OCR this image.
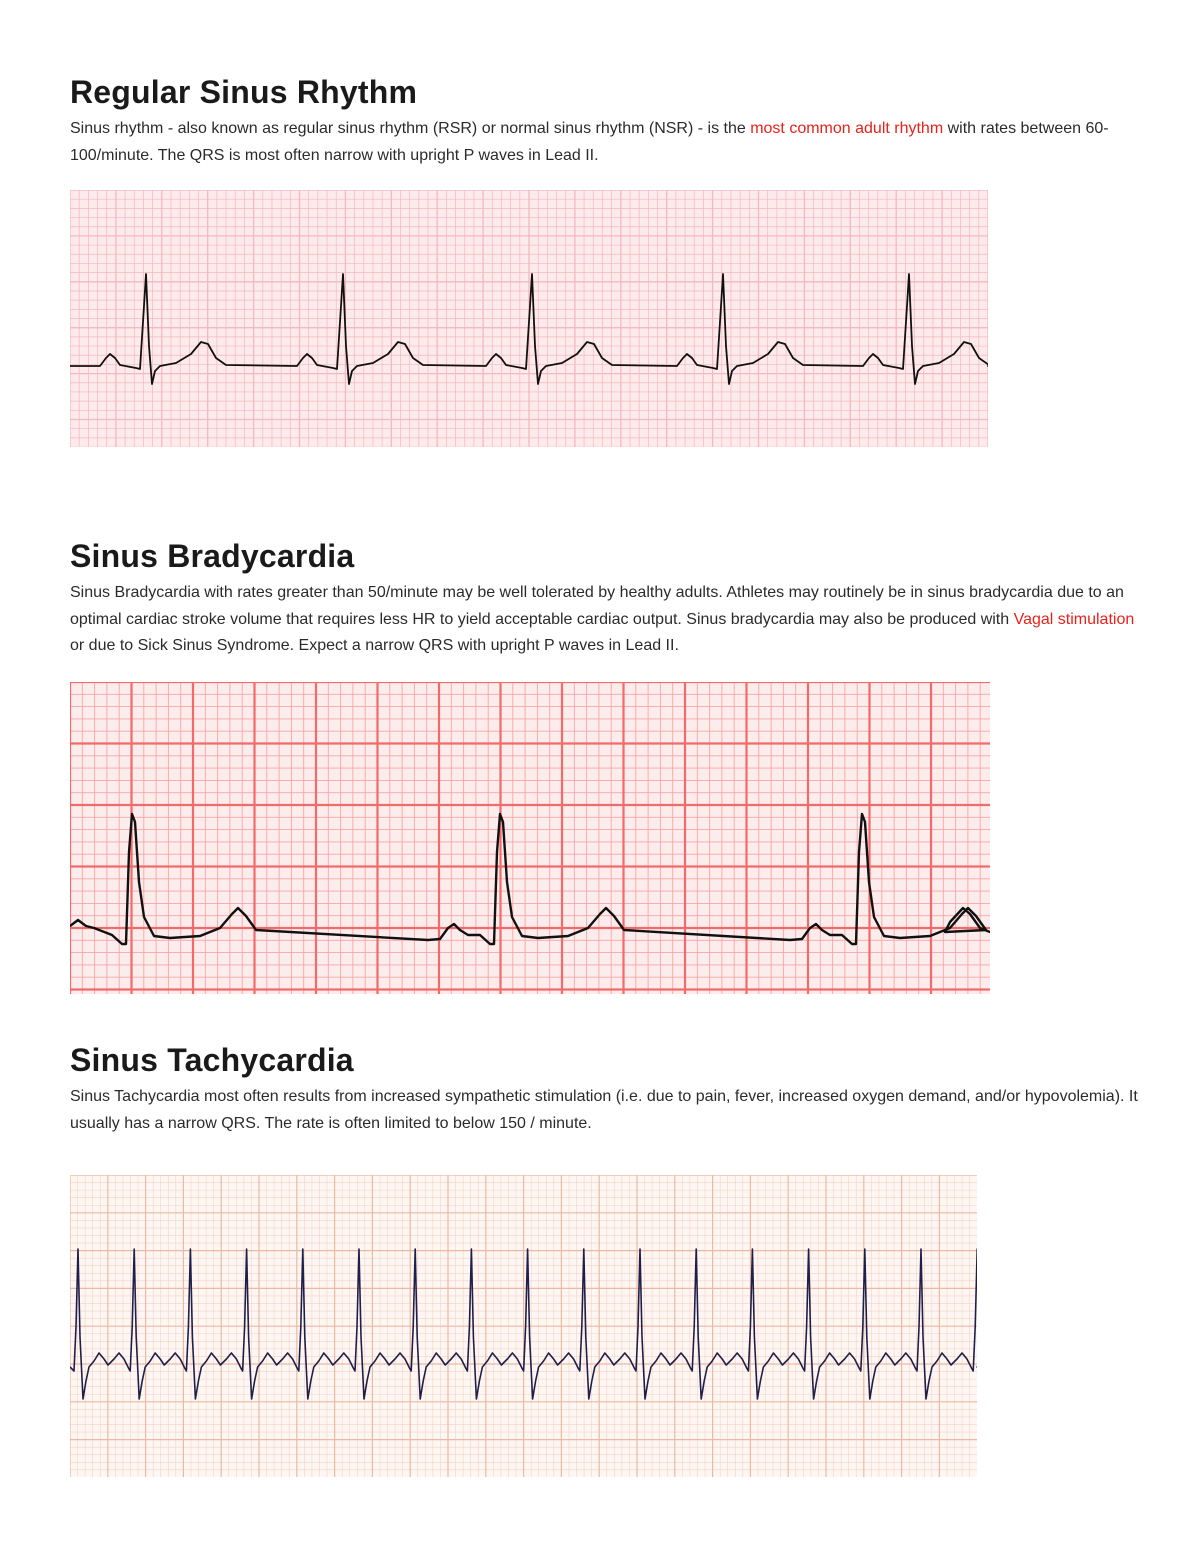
Regular Sinus Rhythm

Sinus rhythm - also known as regular sinus rhythm (RSR) or normal sinus rhythm (NSR) - is the most common adult rhythm with rates between 60-100/minute. The QRS is most often narrow with upright P waves in Lead II.

Sinus Bradycardia

Sinus Bradycardia with rates greater than 50/minute may be well tolerated by healthy adults. Athletes may routinely be in sinus bradycardia due to an optimal cardiac stroke volume that requires less HR to yield acceptable cardiac output. Sinus bradycardia may also be produced with Vagal stimulation or due to Sick Sinus Syndrome. Expect a narrow QRS with upright P waves in Lead II.

Sinus Tachycardia

Sinus Tachycardia most often results from increased sympathetic stimulation (i.e. due to pain, fever, increased oxygen demand, and/or hypovolemia). It usually has a narrow QRS. The rate is often limited to below 150 / minute.
